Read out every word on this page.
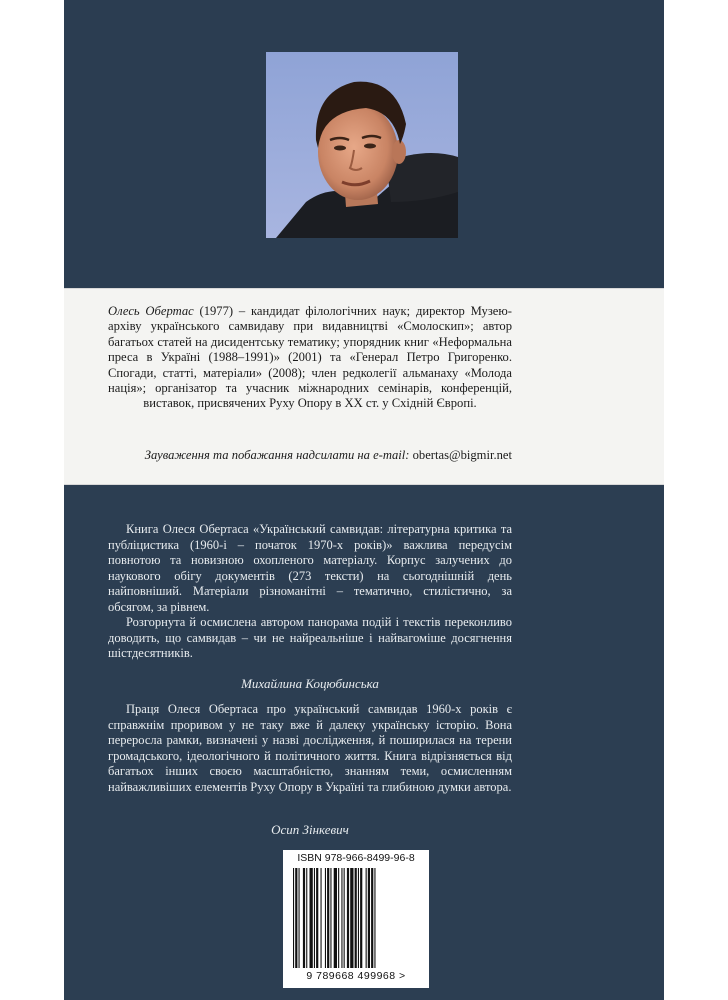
Олесь Обертас (1977) – кандидат філологічних наук; директор Музею-архіву українського самвидаву при видавництві «Смолоскип»; автор багатьох статей на дисидентську тематику; упорядник книг «Неформальна преса в Україні (1988–1991)» (2001) та «Генерал Петро Григоренко. Спогади, статті, матеріали» (2008); член редколегії альманаху «Молода нація»; організатор та учасник міжнародних семінарів, конференцій, виставок, присвячених Руху Опору в XX ст. у Східній Європі.
Зауваження та побажання надсилати на e-mail: obertas@bigmir.net

Книга Олеся Обертаса «Український самвидав: літературна критика та публіцистика (1960-і – початок 1970-х років)» важлива передусім повнотою та новизною охопленого матеріалу. Корпус залучених до наукового обігу документів (273 тексти) на сьогоднішній день найповніший. Матеріали різноманітні – тематично, стилістично, за обсягом, за рівнем.

Розгорнута й осмислена автором панорама подій і текстів переконливо доводить, що самвидав – чи не найреальніше і найвагоміше досягнення шістдесятників.

Михайлина Коцюбинська

Праця Олеся Обертаса про український самвидав 1960-х років є справжнім проривом у не таку вже й далеку українську історію. Вона переросла рамки, визначені у назві дослідження, й поширилася на терени громадського, ідеологічного й політичного життя. Книга відрізняється від багатьох інших своєю масштабністю, знанням теми, осмисленням найважливіших елементів Руху Опору в Україні та глибиною думки автора.

Осип Зінкевич
ISBN 978-966-8499-96-8
9 789668 499968 >
